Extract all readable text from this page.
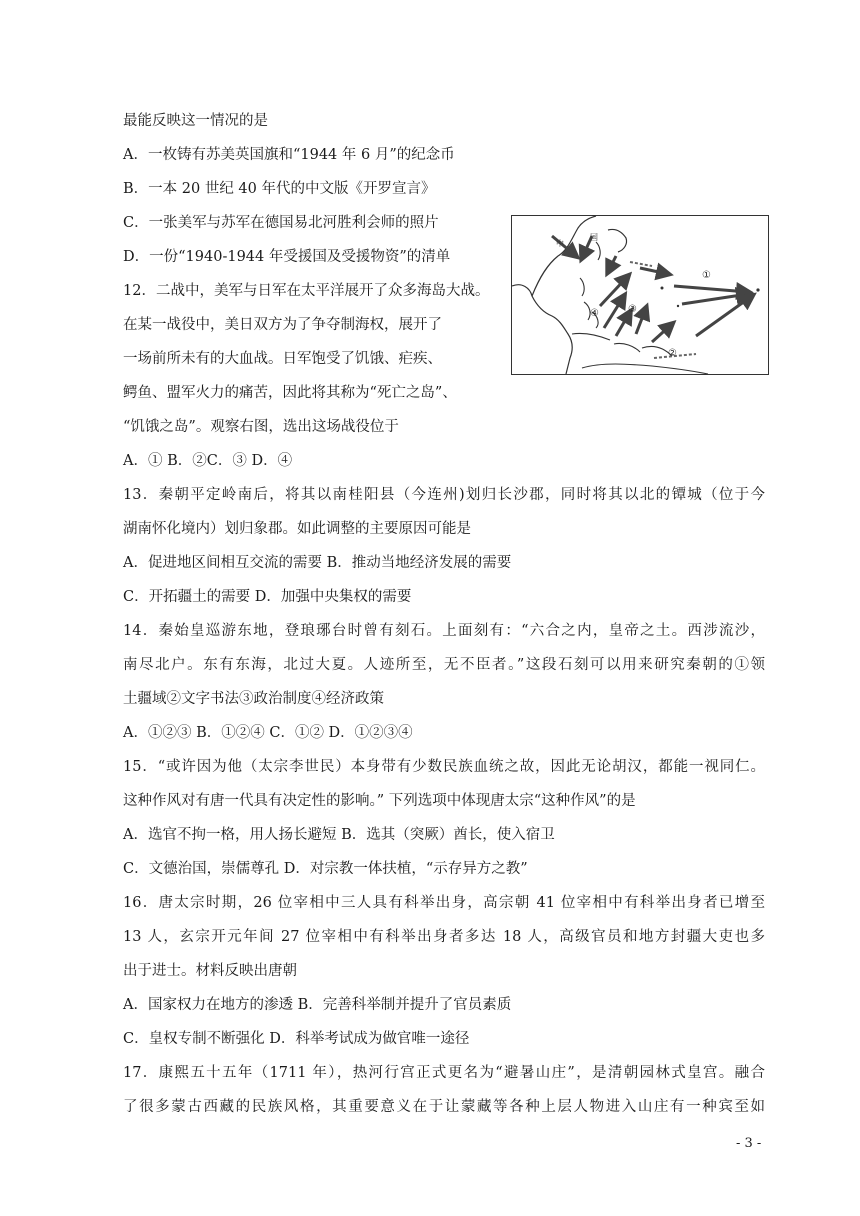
最能反映这一情况的是
A．一枚铸有苏美英国旗和“1944 年 6 月”的纪念币
B．一本 20 世纪 40 年代的中文版《开罗宣言》
C．一张美军与苏军在德国易北河胜利会师的照片
D．一份“1940-1944 年受援国及受援物资”的清单
12．二战中，美军与日军在太平洋展开了众多海岛大战。
在某一战役中，美日双方为了争夺制海权，展开了
一场前所未有的大血战。日军饱受了饥饿、疟疾、
鳄鱼、盟军火力的痛苦，因此将其称为“死亡之岛”、
“饥饿之岛”。观察右图，选出这场战役位于
A．① B．②C．③ D．④
13．秦朝平定岭南后，将其以南桂阳县（今连州)划归长沙郡，同时将其以北的镡城（位于今
湖南怀化境内）划归象郡。如此调整的主要原因可能是
A．促进地区间相互交流的需要 B．推动当地经济发展的需要
C．开拓疆土的需要 D．加强中央集权的需要
14．秦始皇巡游东地，登琅琊台时曾有刻石。上面刻有：“六合之内，皇帝之土。西涉流沙，
南尽北户。东有东海，北过大夏。人迹所至，无不臣者。”这段石刻可以用来研究秦朝的①领
土疆域②文字书法③政治制度④经济政策
A．①②③ B．①②④ C．①② D．①②③④
15．“或许因为他（太宗李世民）本身带有少数民族血统之故，因此无论胡汉，都能一视同仁。
这种作风对有唐一代具有决定性的影响。” 下列选项中体现唐太宗“这种作风”的是
A．选官不拘一格，用人扬长避短 B．选其（突厥）酋长，使入宿卫
C．文德治国，崇儒尊孔 D．对宗教一体扶植，“示存异方之教”
16．唐太宗时期，26 位宰相中三人具有科举出身，高宗朝 41 位宰相中有科举出身者已增至
13 人，玄宗开元年间 27 位宰相中有科举出身者多达 18 人，高级官员和地方封疆大吏也多
出于进士。材料反映出唐朝
A．国家权力在地方的渗透 B．完善科举制并提升了官员素质
C．皇权专制不断强化 D．科举考试成为做官唯一途径
17．康熙五十五年（1711 年），热河行宫正式更名为“避暑山庄”，是清朝园林式皇宫。融合
了很多蒙古西藏的民族风格，其重要意义在于让蒙藏等各种上层人物进入山庄有一种宾至如
中
国
①
③
④
②
- 3 -
